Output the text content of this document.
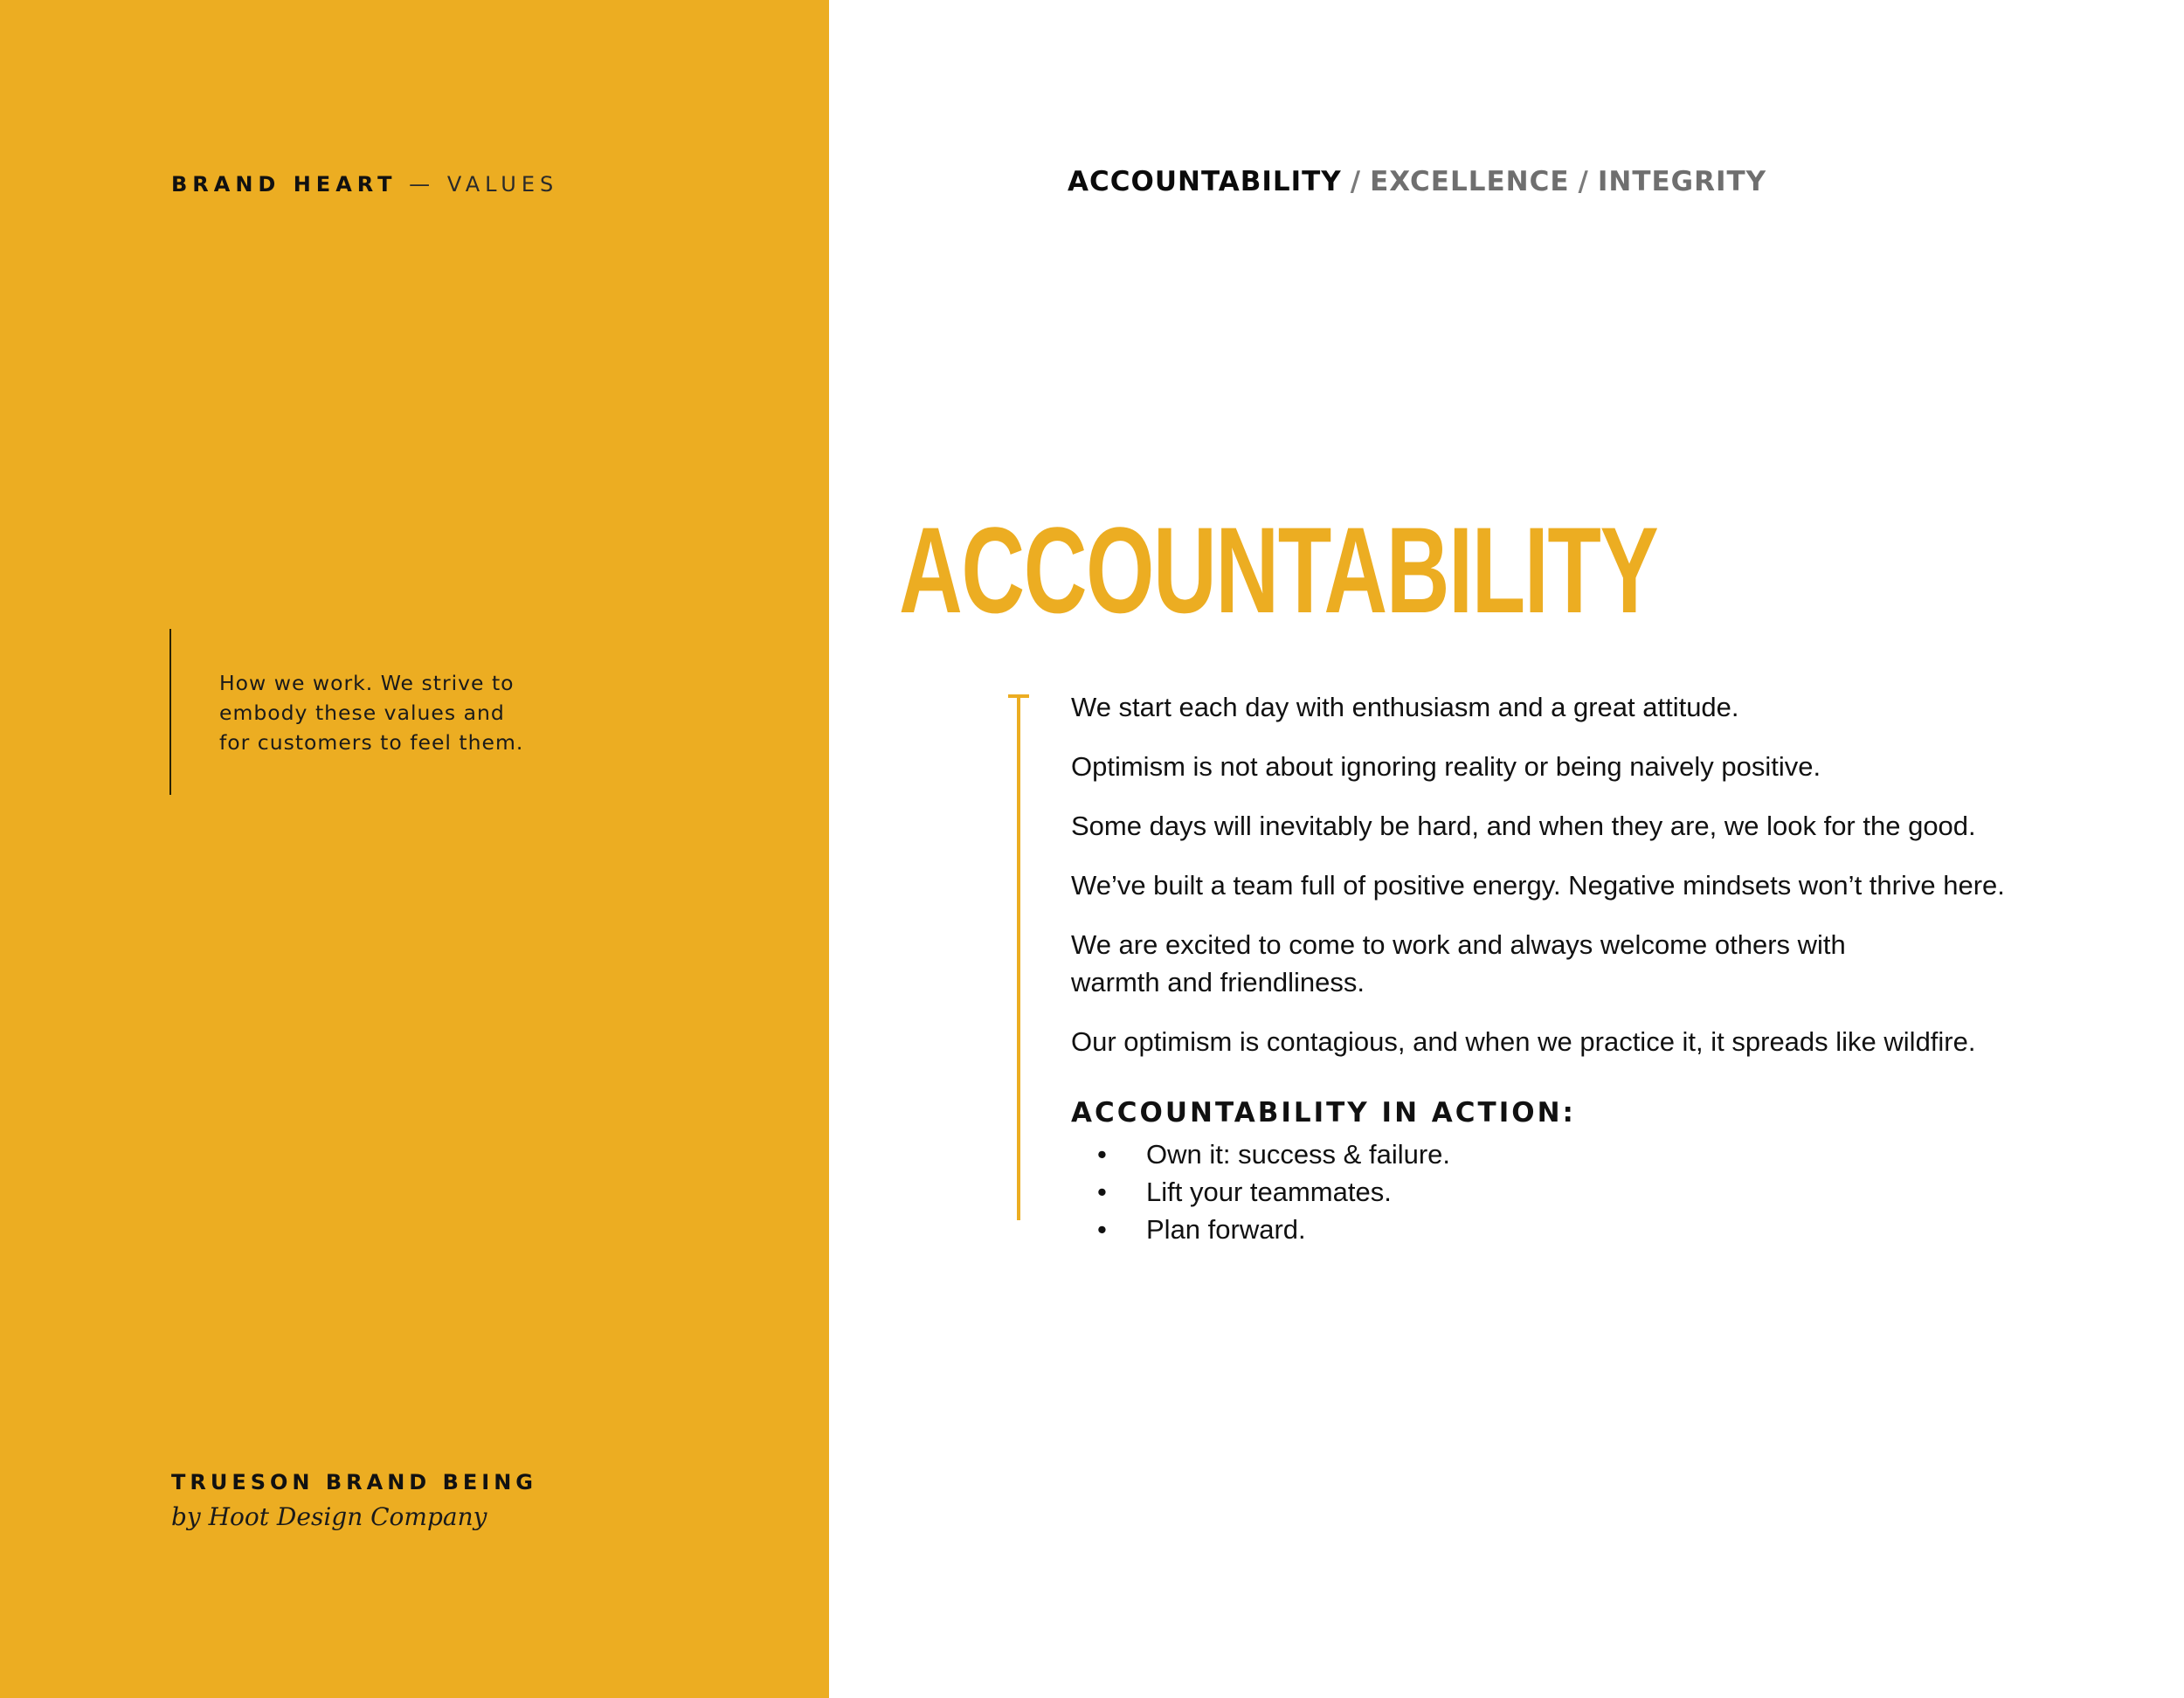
BRAND HEART — VALUES
How we work. We strive to
embody these values and
for customers to feel them.
TRUESON BRAND BEING
by Hoot Design Company
ACCOUNTABILITY / EXCELLENCE / INTEGRITY
ACCOUNTABILITY

We start each day with enthusiasm and a great attitude.

Optimism is not about ignoring reality or being naively positive.

Some days will inevitably be hard, and when they are, we look for the good.

We’ve built a team full of positive energy. Negative mindsets won’t thrive here.

We are excited to come to work and always welcome others with
warmth and friendliness.

Our optimism is contagious, and when we practice it, it spreads like wildfire.

ACCOUNTABILITY IN ACTION:
• Own it: success & failure.
• Lift your teammates.
• Plan forward.
